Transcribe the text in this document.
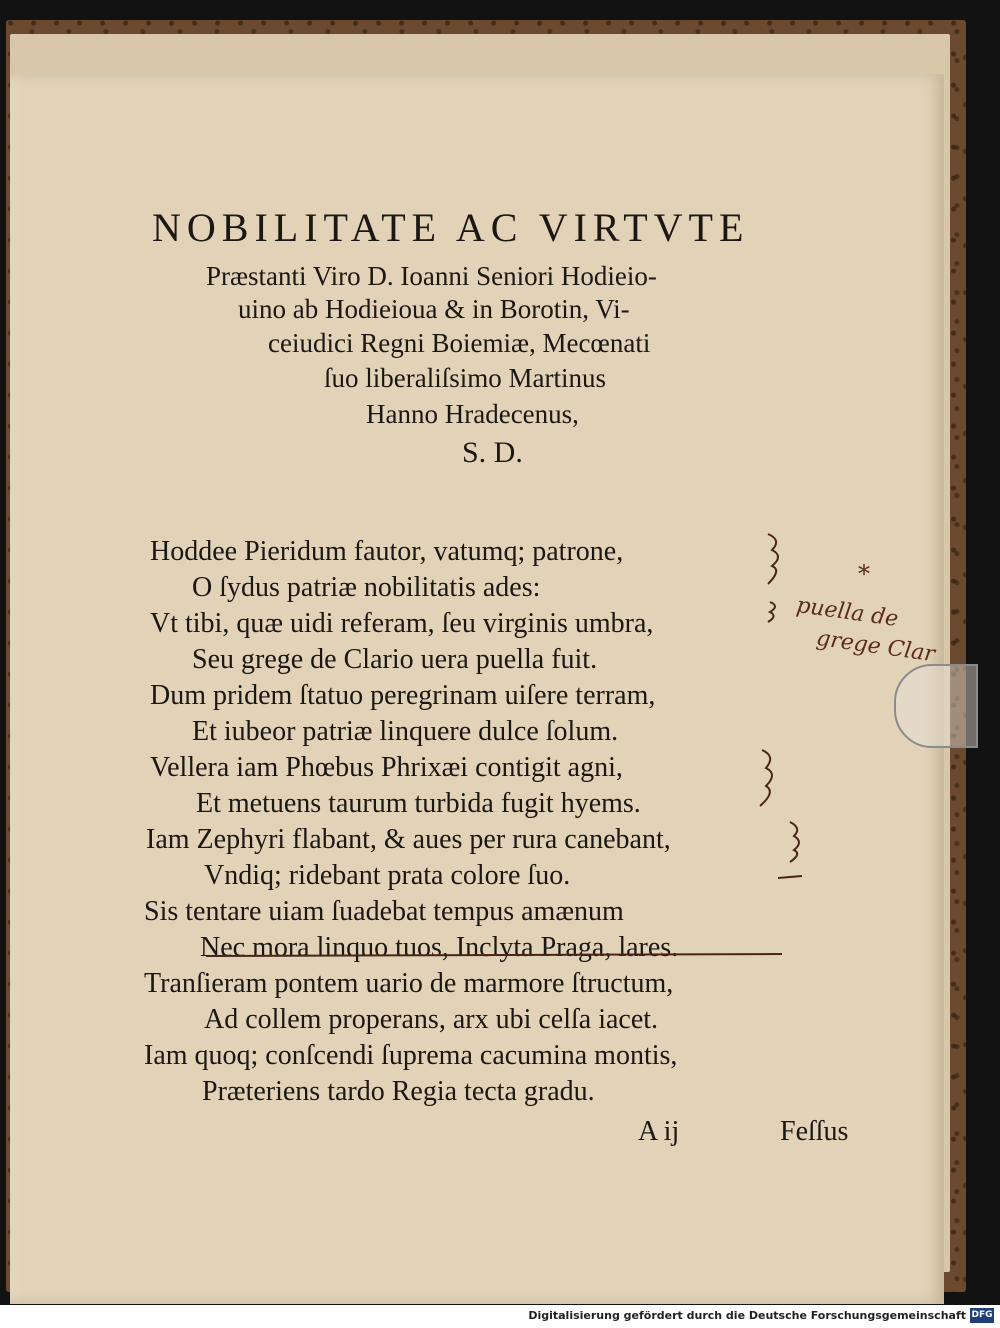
NOBILITATE AC VIRTVTE
Præstanti Viro D. Ioanni Seniori Hodieio-
uino ab Hodieioua & in Borotin, Vi-
ceiudici Regni Boiemiæ, Mecœnati
ſuo liberaliſsimo Martinus
Hanno Hradecenus,
S. D.
Hoddee Pieridum fautor, vatumq; patrone,
O ſydus patriæ nobilitatis ades:
Vt tibi, quæ uidi referam, ſeu virginis umbra,
Seu grege de Clario uera puella fuit.
Dum pridem ſtatuo peregrinam uiſere terram,
Et iubeor patriæ linquere dulce ſolum.
Vellera iam Phœbus Phrixæi contigit agni,
Et metuens taurum turbida fugit hyems.
Iam Zephyri flabant, & aues per rura canebant,
Vndiq; ridebant prata colore ſuo.
Sis tentare uiam ſuadebat tempus amænum
Nec mora linquo tuos, Inclyta Praga, lares.
Tranſieram pontem uario de marmore ſtructum,
Ad collem properans, arx ubi celſa iacet.
Iam quoq; conſcendi ſuprema cacumina montis,
Præteriens tardo Regia tecta gradu.
A ij	Feſſus
*
puella de
grege Clar
Digitalisierung gefördert durch die Deutsche Forschungsgemeinschaft DFG
